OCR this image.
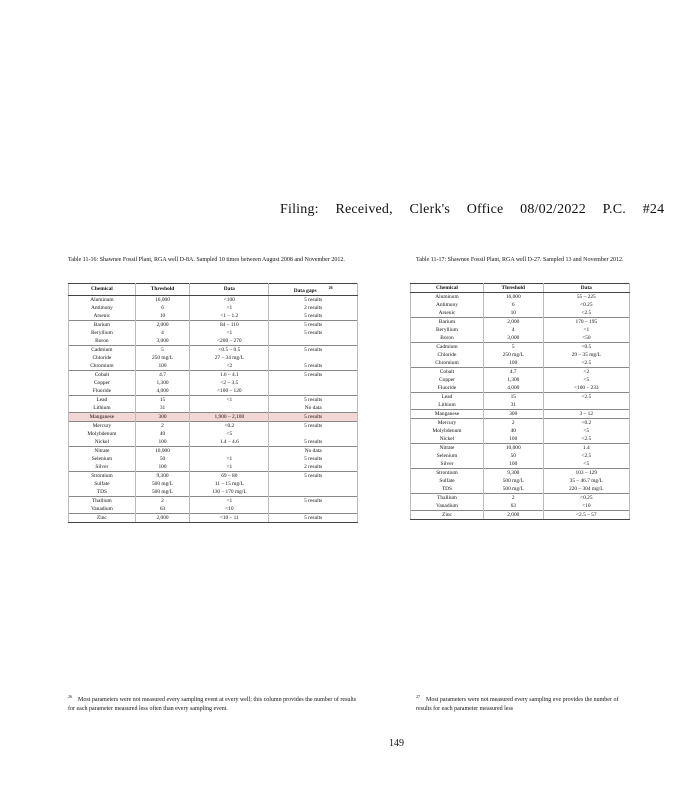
Filing: Received, Clerk's Office 08/02/2022 P.C. #24
Table 11-16: Shawnee Fossil Plant, RGA well D-8A. Sampled 10 times between August 2008 and November 2012.	Table 11-17: Shawnee Fossil Plant, RGA well D-27. Sampled 13 and November 2012.
Chemical	Threshold	Data	Data gaps$^{26}$
Aluminum	16,000	<100	5 results
Antimony	6	<1	2 results
Arsenic	10	<1 – 1.2	5 results
Barium	2,000	84 – 110	5 results
Beryllium	4	<1	5 results
Boron	3,000	<200 – 270	
Cadmium	5	<0.5 – 0.5	5 results
Chloride	250 mg/L	27 – 34 mg/L	
Chromium	100	<2	5 results
Cobalt	4.7	1.6 – 4.1	5 results
Copper	1,300	<2 – 3.5	
Fluoride	4,000	<100 – 120	
Lead	15	<1	5 results
Lithium	31		No data
Manganese	300	1,900 – 2,100	5 results
Mercury	2	<0.2	5 results
Molybdenum	40	<5	
Nickel	100	1.4 – 4.6	5 results
Nitrate	10,000		No data
Selenium	50	<1	5 results
Silver	100	<1	2 results
Strontium	9,300	69 – 80	5 results
Sulfate	500 mg/L	11 – 15 mg/L	
TDS	500 mg/L	130 – 170 mg/L	
Thallium	2	<1	5 results
Vanadium	63	<10	
Zinc	2,000	<10 – 11	5 results
Chemical	Threshold	Data
Aluminum	16,000	55 – 225
Antimony	6	<0.25
Arsenic	10	<2.5
Barium	2,000	170 – 195
Beryllium	4	<1
Boron	3,000	<50
Cadmium	5	<0.5
Chloride	250 mg/L	29 – 35 mg/L
Chromium	100	<2.5
Cobalt	4.7	<2
Copper	1,300	<5
Fluoride	4,000	<100 – 233
Lead	15	<2.5
Lithium	31	
Manganese	300	3 – 12
Mercury	2	<0.2
Molybdenum	40	<5
Nickel	100	<2.5
Nitrate	10,000	1.4
Selenium	50	<2.5
Silver	100	<5
Strontium	9,300	103 – 129
Sulfate	500 mg/L	35 – 46.7 mg/L
TDS	500 mg/L	220 – 304 mg/L
Thallium	2	<0.25
Vanadium	63	<10
Zinc	2,000	<2.5 – 57
$^{26}$Most parameters were not measured every sampling event at every well; this column provides the number of results for each parameter measured less often than every sampling event.
$^{27}$Most parameters were not measured every sampling eve provides the number of results for each parameter measured less
149
